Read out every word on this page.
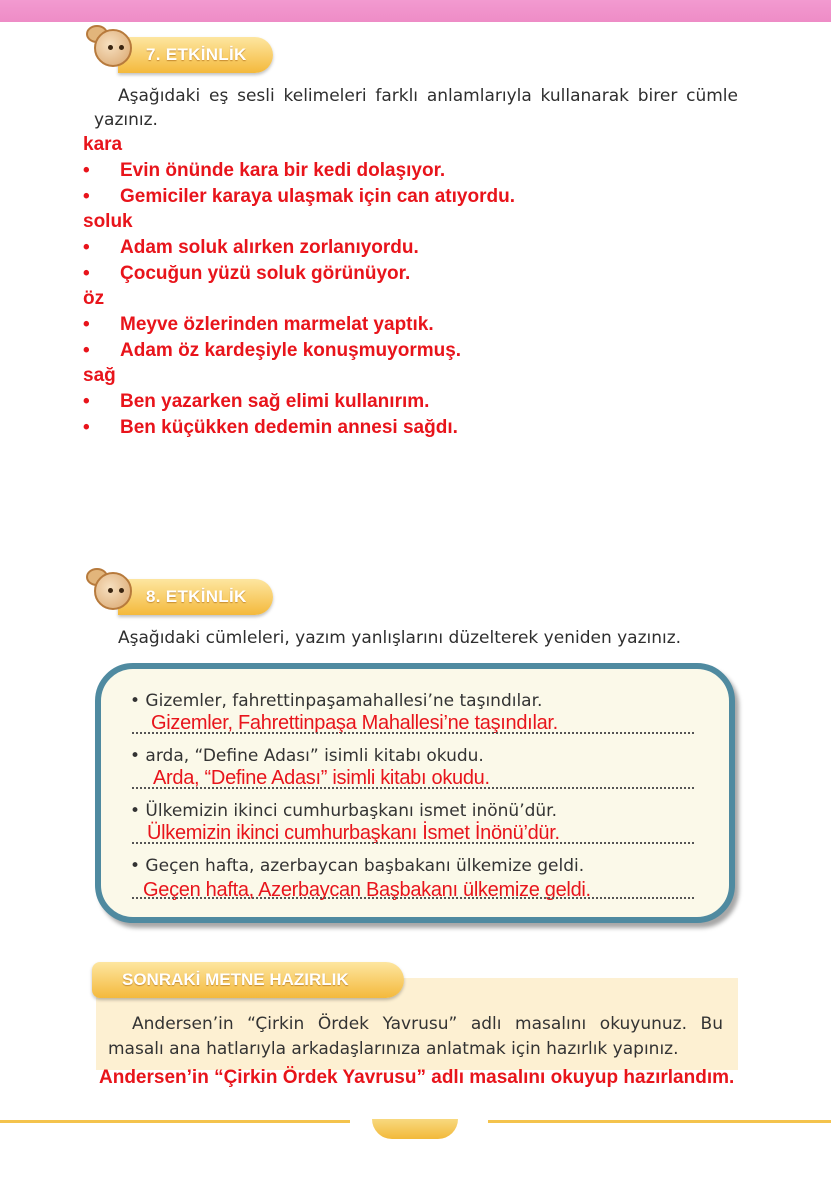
7. ETKİNLİK
Aşağıdaki eş sesli kelimeleri farklı anlamlarıyla kullanarak birer cümle
yazınız.
kara
•	Evin önünde kara bir kedi dolaşıyor.
•	Gemiciler karaya ulaşmak için can atıyordu.
soluk
•	Adam soluk alırken zorlanıyordu.
•	Çocuğun yüzü soluk görünüyor.
öz
•	Meyve özlerinden marmelat yaptık.
•	Adam öz kardeşiyle konuşmuyormuş.
sağ
•	Ben yazarken sağ elimi kullanırım.
•	Ben küçükken dedemin annesi sağdı.
8. ETKİNLİK
Aşağıdaki cümleleri, yazım yanlışlarını düzelterek yeniden yazınız.
• Gizemler, fahrettinpaşamahallesi’ne taşındılar.
Gizemler, Fahrettinpaşa Mahallesi’ne taşındılar.
• arda, “Define Adası” isimli kitabı okudu.
Arda, “Define Adası” isimli kitabı okudu.
• Ülkemizin ikinci cumhurbaşkanı ismet inönü’dür.
Ülkemizin ikinci cumhurbaşkanı İsmet İnönü’dür.
• Geçen hafta, azerbaycan başbakanı ülkemize geldi.
Geçen hafta, Azerbaycan Başbakanı ülkemize geldi.
SONRAKİ METNE HAZIRLIK
Andersen’in “Çirkin Ördek Yavrusu” adlı masalını okuyunuz. Bu masalı ana hatlarıyla arkadaşlarınıza anlatmak için hazırlık yapınız.
Andersen’in “Çirkin Ördek Yavrusu” adlı masalını okuyup hazırlandım.
